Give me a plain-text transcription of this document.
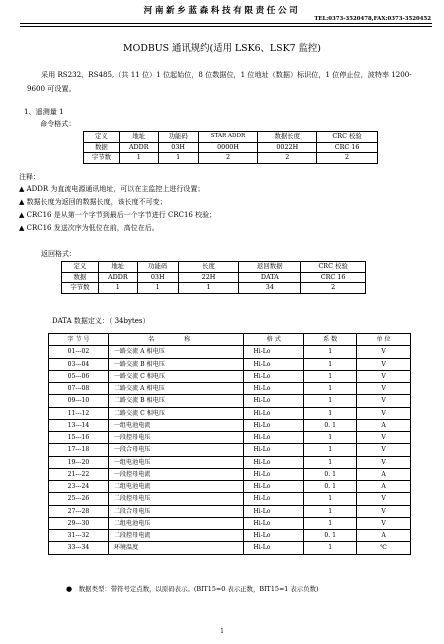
河南新乡蓝森科技有限责任公司
TEL:0373-3520478,FAX:0373-3520452
MODBUS 通讯规约(适用 LSK6、LSK7 监控)
采用 RS232、RS485,（共 11 位）1 位起始位，8 位数据位，1 位地址（数据）标识位，1 位停止位，波特率 1200-9600 可设置。
1、遥测量 1
命令格式：
定义	地址	功能码	STAR ADDR	数据长度	CRC 校验
数据	ADDR	03H	0000H	0022H	CRC 16
字节数	1	1	2	2	2
注释：
▲ ADDR 为直流电源通讯地址，可以在主监控上进行设置；
▲ 数据长度为返回的数据长度，该长度不可变；
▲ CRC16 是从第一个字节到最后一个字节进行 CRC16 校验；
▲ CRC16 发送次序为低位在前，高位在后。
返回格式：
定义	地址	功能码	长度	返回数据	CRC 校验
数据	ADDR	03H	22H	DATA	CRC 16
字节数	1	1	1	34	2
DATA 数据定义：（ 34bytes）
字 节 号	名 称	格 式	系 数	单 位
01---02	一路交流 A 相电压	Hi-Lo	1	V
03---04	一路交流 B 相电压	Hi-Lo	1	V
05---06	一路交流 C 相电压	Hi-Lo	1	V
07---08	二路交流 A 相电压	Hi-Lo	1	V
09---10	二路交流 B 相电压	Hi-Lo	1	V
11---12	二路交流 C 相电压	Hi-Lo	1	V
13---14	一组电池电流	Hi-Lo	0. 1	A
15---16	一段控母电压	Hi-Lo	1	V
17---18	一段合母电压	Hi-Lo	1	V
19---20	一组电池电压	Hi-Lo	1	V
21---22	一段控母电流	Hi-Lo	0. 1	A
23---24	二组电池电流	Hi-Lo	0. 1	A
25---26	二段控母电压	Hi-Lo	1	V
27---28	二段合母电压	Hi-Lo	1	V
29---30	二组电池电压	Hi-Lo	1	V
31---32	二段控母电流	Hi-Lo	0. 1	A
33---34	环境温度	Hi-Lo	1	℃
● 数据类型：带符号定点数，以原码表示。(BIT15=0 表示正数，BIT15=1 表示负数)
1
